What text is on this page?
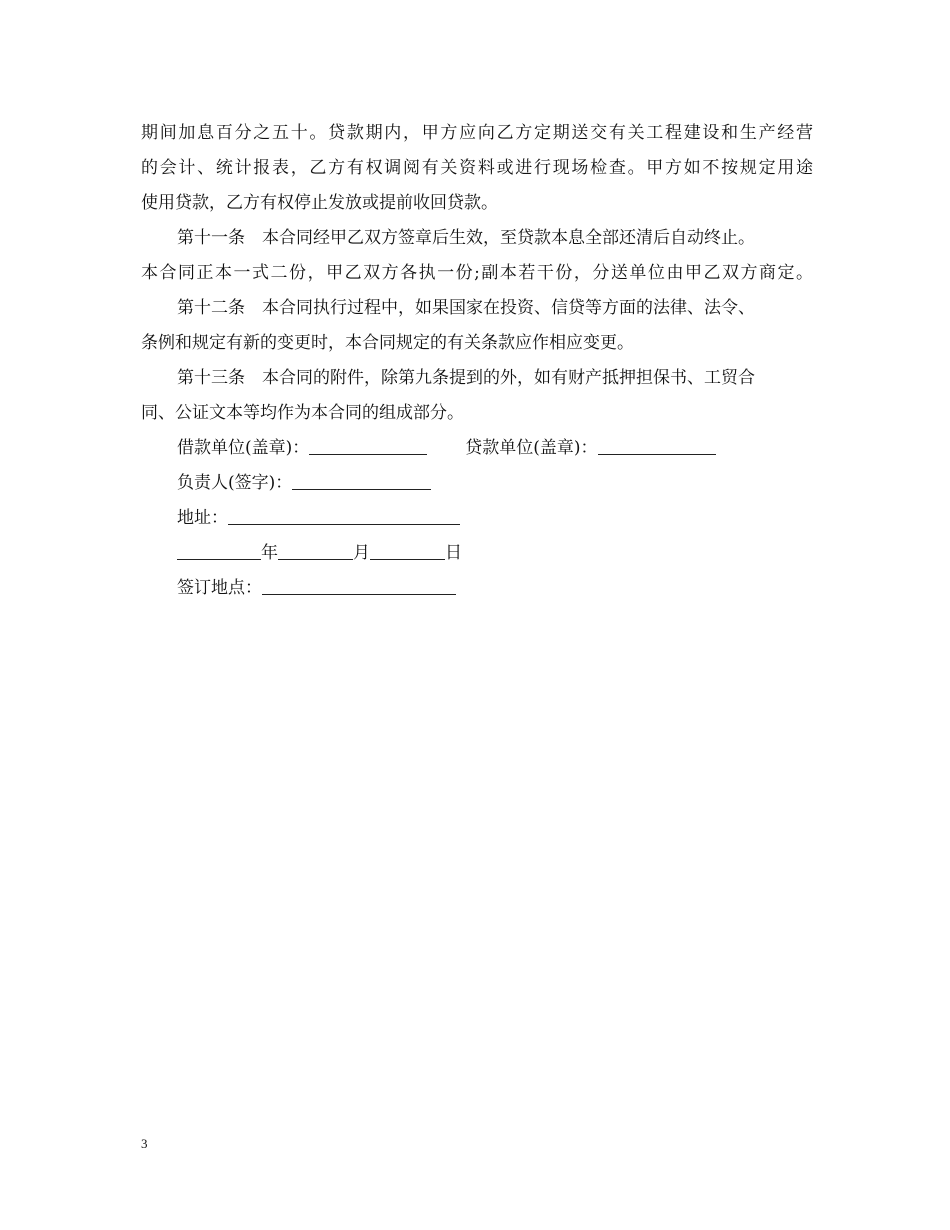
期间加息百分之五十。贷款期内，甲方应向乙方定期送交有关工程建设和生产经营
的会计、统计报表，乙方有权调阅有关资料或进行现场检查。甲方如不按规定用途
使用贷款，乙方有权停止发放或提前收回贷款。
第十一条　本合同经甲乙双方签章后生效，至贷款本息全部还清后自动终止。
本合同正本一式二份，甲乙双方各执一份;副本若干份，分送单位由甲乙双方商定。
第十二条　本合同执行过程中，如果国家在投资、信贷等方面的法律、法令、
条例和规定有新的变更时，本合同规定的有关条款应作相应变更。
第十三条　本合同的附件，除第九条提到的外，如有财产抵押担保书、工贸合
同、公证文本等均作为本合同的组成部分。
借款单位(盖章)：	贷款单位(盖章)：
负责人(签字)：
地址：
年	月	日
签订地点：
3
